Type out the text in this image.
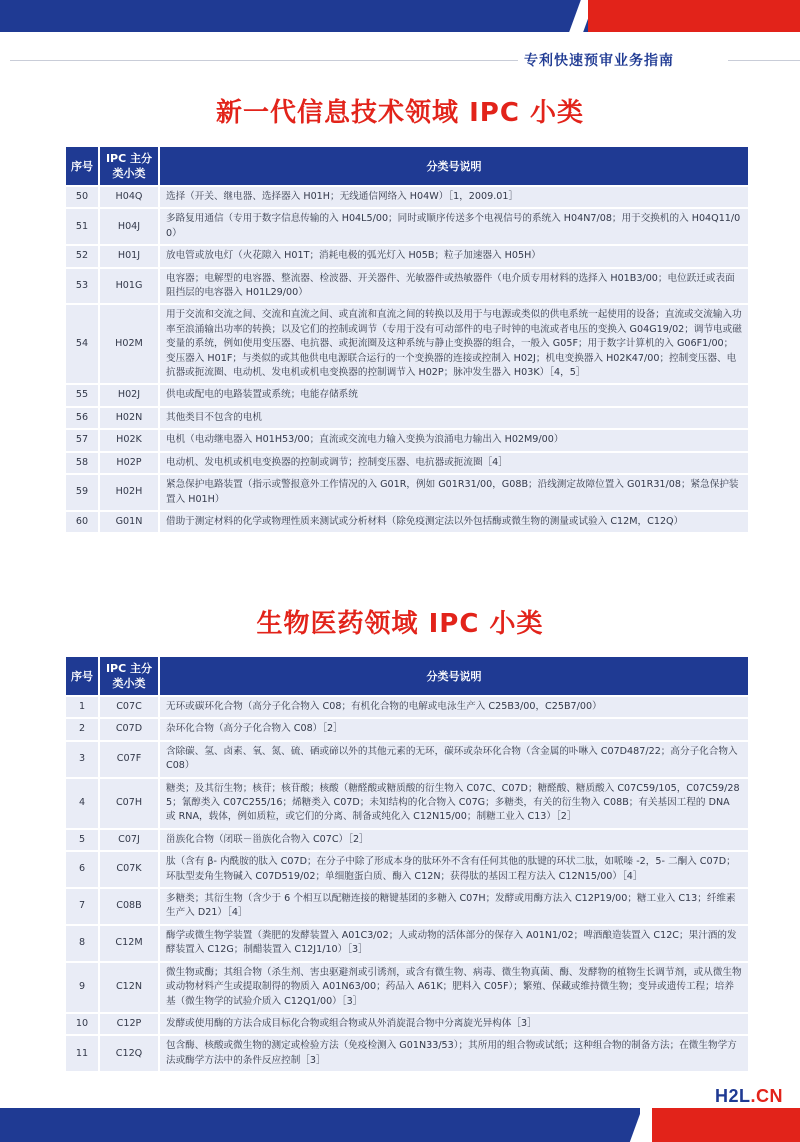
专利快速预审业务指南
新一代信息技术领域 IPC 小类
序号	IPC 主分类小类	分类号说明
50	H04Q	选择（开关、继电器、选择器入 H01H；无线通信网络入 H04W）［1，2009.01］
51	H04J	多路复用通信（专用于数字信息传输的入 H04L5/00；同时或顺序传送多个电视信号的系统入 H04N7/08；用于交换机的入 H04Q11/00）
52	H01J	放电管或放电灯（火花隙入 H01T；消耗电极的弧光灯入 H05B；粒子加速器入 H05H）
53	H01G	电容器；电解型的电容器、整流器、检波器、开关器件、光敏器件或热敏器件（电介质专用材料的选择入 H01B3/00；电位跃迁或表面阻挡层的电容器入 H01L29/00）
54	H02M	用于交流和交流之间、交流和直流之间、或直流和直流之间的转换以及用于与电源或类似的供电系统一起使用的设备；直流或交流输入功率至浪涌输出功率的转换；以及它们的控制或调节（专用于没有可动部件的电子时钟的电流或者电压的变换入 G04G19/02；调节电或磁变量的系统，例如使用变压器、电抗器、或扼流圈及这种系统与静止变换器的组合，一般入 G05F；用于数字计算机的入 G06F1/00；变压器入 H01F；与类似的或其他供电电源联合运行的一个变换器的连接或控制入 H02J；机电变换器入 H02K47/00；控制变压器、电抗器或扼流圈、电动机、发电机或机电变换器的控制调节入 H02P；脉冲发生器入 H03K）［4，5］
55	H02J	供电或配电的电路装置或系统；电能存储系统
56	H02N	其他类目不包含的电机
57	H02K	电机（电动继电器入 H01H53/00；直流或交流电力输入变换为浪涌电力输出入 H02M9/00）
58	H02P	电动机、发电机或机电变换器的控制或调节；控制变压器、电抗器或扼流圈［4］
59	H02H	紧急保护电路装置（指示或警报意外工作情况的入 G01R，例如 G01R31/00，G08B；沿线测定故障位置入 G01R31/08；紧急保护装置入 H01H）
60	G01N	借助于测定材料的化学或物理性质来测试或分析材料（除免疫测定法以外包括酶或微生物的测量或试验入 C12M，C12Q）
生物医药领域 IPC 小类
序号	IPC 主分类小类	分类号说明
1	C07C	无环或碳环化合物（高分子化合物入 C08；有机化合物的电解或电泳生产入 C25B3/00，C25B7/00）
2	C07D	杂环化合物（高分子化合物入 C08）［2］
3	C07F	含除碳、氢、卤素、氧、氮、硫、硒或碲以外的其他元素的无环，碳环或杂环化合物（含金属的卟啉入 C07D487/22；高分子化合物入 C08）
4	C07H	糖类；及其衍生物；核苷；核苷酸；核酸（糖醛酸或糖质酸的衍生物入 C07C、C07D；糖醛酸、糖质酸入 C07C59/105，C07C59/285；氰醇类入 C07C255/16；烯糖类入 C07D；未知结构的化合物入 C07G；多糖类，有关的衍生物入 C08B；有关基因工程的 DNA 或 RNA，载体，例如质粒，或它们的分离、制备或纯化入 C12N15/00；制糖工业入 C13）［2］
5	C07J	甾族化合物（闭联－甾族化合物入 C07C）［2］
6	C07K	肽（含有 β- 内酰胺的肽入 C07D；在分子中除了形成本身的肽环外不含有任何其他的肽键的环状二肽，如哌嗪 -2，5- 二酮入 C07D；环肽型麦角生物碱入 C07D519/02；单细胞蛋白质、酶入 C12N；获得肽的基因工程方法入 C12N15/00）［4］
7	C08B	多糖类；其衍生物（含少于 6 个相互以配糖连接的糖键基团的多糖入 C07H；发酵或用酶方法入 C12P19/00；糖工业入 C13；纤维素生产入 D21）［4］
8	C12M	酶学或微生物学装置（粪肥的发酵装置入 A01C3/02；人或动物的活体部分的保存入 A01N1/02；啤酒酿造装置入 C12C；果汁酒的发酵装置入 C12G；制醋装置入 C12J1/10）［3］
9	C12N	微生物或酶；其组合物（杀生剂、害虫驱避剂或引诱剂，或含有微生物、病毒、微生物真菌、酶、发酵物的植物生长调节剂，或从微生物或动物材料产生或提取制得的物质入 A01N63/00；药品入 A61K；肥料入 C05F）；繁殖、保藏或维持微生物；变异或遗传工程；培养基（微生物学的试验介质入 C12Q1/00）［3］
10	C12P	发酵或使用酶的方法合成目标化合物或组合物或从外消旋混合物中分离旋光异构体［3］
11	C12Q	包含酶、核酸或微生物的测定或检验方法（免疫检测入 G01N33/53）；其所用的组合物或试纸；这种组合物的制备方法；在微生物学方法或酶学方法中的条件反应控制［3］
H2L.CN
